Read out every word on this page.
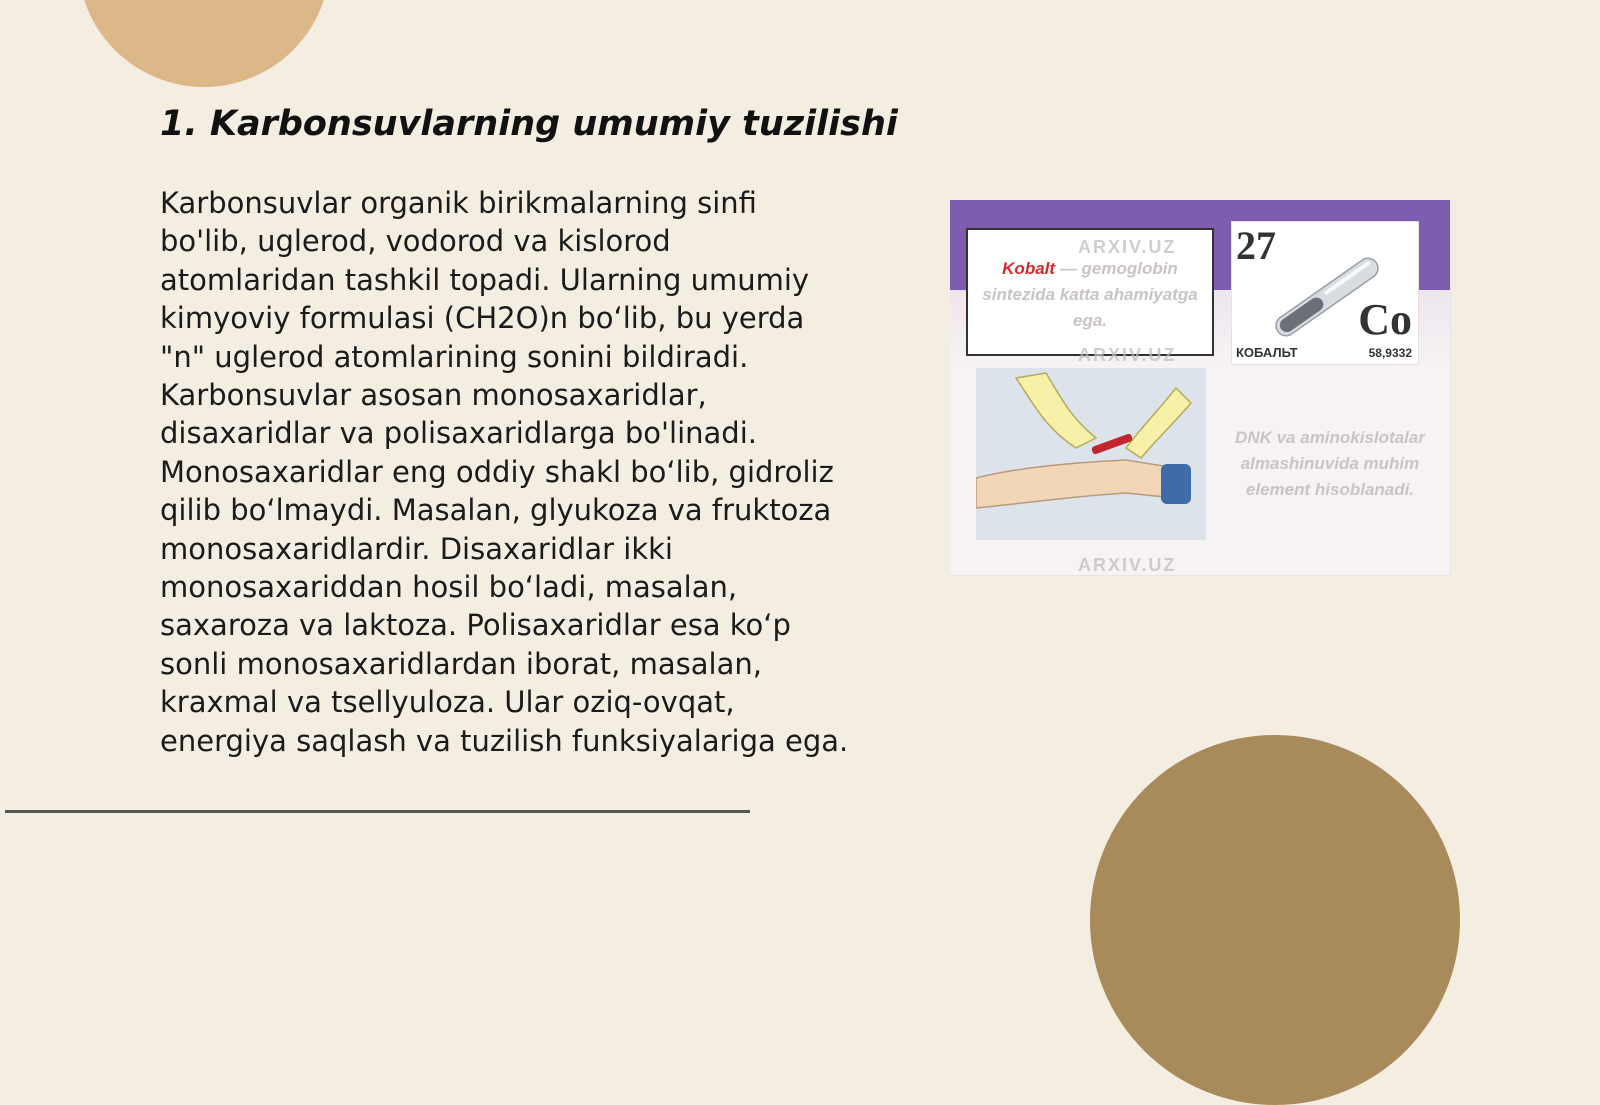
1. Karbonsuvlarning umumiy tuzilishi

Karbonsuvlar organik birikmalarning sinfi bo'lib, uglerod, vodorod va kislorod atomlaridan tashkil topadi. Ularning umumiy kimyoviy formulasi (CH2O)n bo‘lib, bu yerda "n" uglerod atomlarining sonini bildiradi. Karbonsuvlar asosan monosaxaridlar, disaxaridlar va polisaxaridlarga bo'linadi. Monosaxaridlar eng oddiy shakl bo‘lib, gidroliz qilib bo‘lmaydi. Masalan, glyukoza va fruktoza monosaxaridlardir. Disaxaridlar ikki monosaxariddan hosil bo‘ladi, masalan, saxaroza va laktoza. Polisaxaridlar esa ko‘p sonli monosaxaridlardan iborat, masalan, kraxmal va tsellyuloza. Ular oziq-ovqat, energiya saqlash va tuzilish funksiyalariga ega.

Kobalt — gemoglobin sintezida katta ahamiyatga ega.
27
Co
КОБАЛЬТ	58,9332
DNK va aminokislotalar almashinuvida muhim element hisoblanadi.
ARXIV.UZ
ARXIV.UZ
ARXIV.UZ
